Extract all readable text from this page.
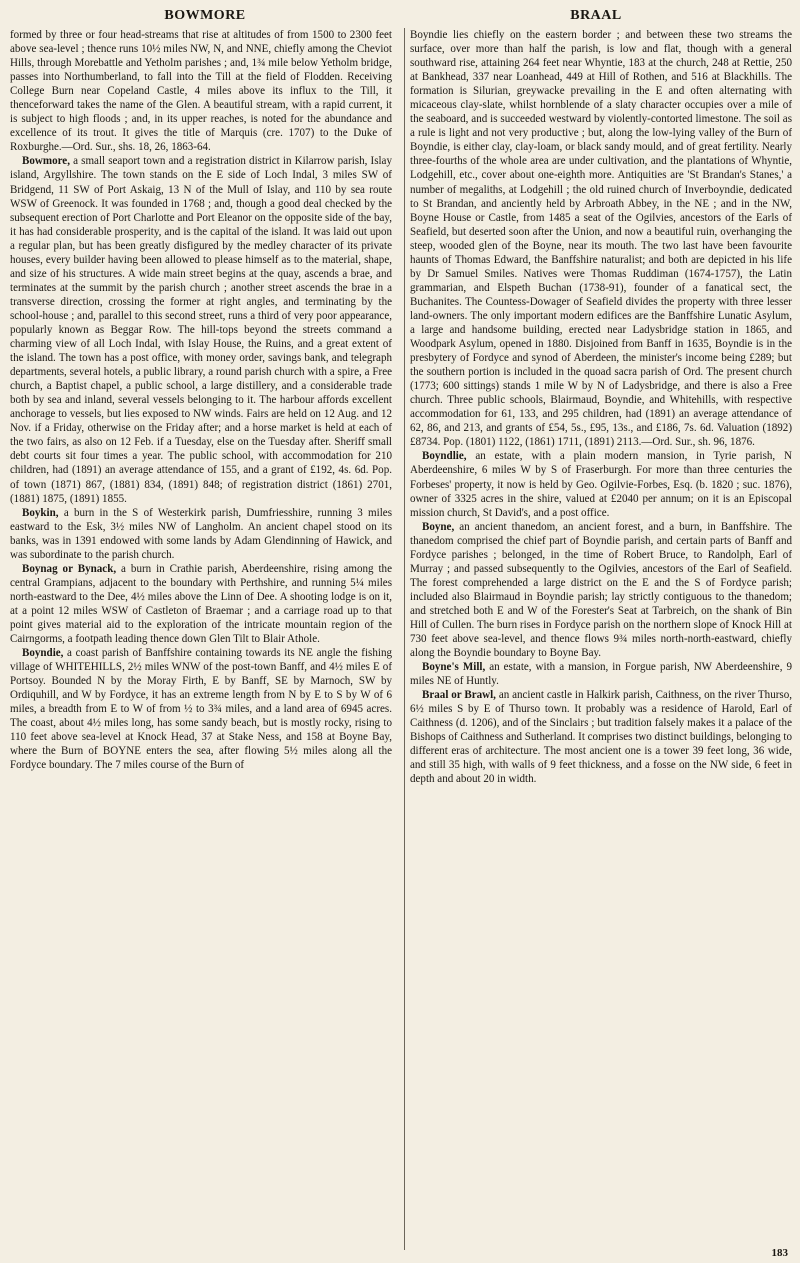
BOWMORE	BRAAL

formed by three or four head-streams that rise at altitudes of from 1500 to 2300 feet above sea-level ; thence runs 10½ miles NW, N, and NNE, chiefly among the Cheviot Hills, through Morebattle and Yetholm parishes ; and, 1¾ mile below Yetholm bridge, passes into Northumberland, to fall into the Till at the field of Flodden. Receiving College Burn near Copeland Castle, 4 miles above its influx to the Till, it thenceforward takes the name of the Glen. A beautiful stream, with a rapid current, it is subject to high floods ; and, in its upper reaches, is noted for the abundance and excellence of its trout. It gives the title of Marquis (cre. 1707) to the Duke of Roxburghe.—Ord. Sur., shs. 18, 26, 1863-64.

Bowmore, a small seaport town and a registration district in Kilarrow parish, Islay island, Argyllshire. The town stands on the E side of Loch Indal, 3 miles SW of Bridgend, 11 SW of Port Askaig, 13 N of the Mull of Islay, and 110 by sea route WSW of Greenock. It was founded in 1768 ; and, though a good deal checked by the subsequent erection of Port Charlotte and Port Eleanor on the opposite side of the bay, it has had considerable prosperity, and is the capital of the island. It was laid out upon a regular plan, but has been greatly disfigured by the medley character of its private houses, every builder having been allowed to please himself as to the material, shape, and size of his structures. A wide main street begins at the quay, ascends a brae, and terminates at the summit by the parish church ; another street ascends the brae in a transverse direction, crossing the former at right angles, and terminating by the school-house ; and, parallel to this second street, runs a third of very poor appearance, popularly known as Beggar Row. The hill-tops beyond the streets command a charming view of all Loch Indal, with Islay House, the Ruins, and a great extent of the island. The town has a post office, with money order, savings bank, and telegraph departments, several hotels, a public library, a round parish church with a spire, a Free church, a Baptist chapel, a public school, a large distillery, and a considerable trade both by sea and inland, several vessels belonging to it. The harbour affords excellent anchorage to vessels, but lies exposed to NW winds. Fairs are held on 12 Aug. and 12 Nov. if a Friday, otherwise on the Friday after; and a horse market is held at each of the two fairs, as also on 12 Feb. if a Tuesday, else on the Tuesday after. Sheriff small debt courts sit four times a year. The public school, with accommodation for 210 children, had (1891) an average attendance of 155, and a grant of £192, 4s. 6d. Pop. of town (1871) 867, (1881) 834, (1891) 848; of registration district (1861) 2701, (1881) 1875, (1891) 1855.

Boykin, a burn in the S of Westerkirk parish, Dumfriesshire, running 3 miles eastward to the Esk, 3½ miles NW of Langholm. An ancient chapel stood on its banks, was in 1391 endowed with some lands by Adam Glendinning of Hawick, and was subordinate to the parish church.

Boynag or Bynack, a burn in Crathie parish, Aberdeenshire, rising among the central Grampians, adjacent to the boundary with Perthshire, and running 5¼ miles north-eastward to the Dee, 4½ miles above the Linn of Dee. A shooting lodge is on it, at a point 12 miles WSW of Castleton of Braemar ; and a carriage road up to that point gives material aid to the exploration of the intricate mountain region of the Cairngorms, a footpath leading thence down Glen Tilt to Blair Athole.

Boyndie, a coast parish of Banffshire containing towards its NE angle the fishing village of WHITEHILLS, 2½ miles WNW of the post-town Banff, and 4½ miles E of Portsoy. Bounded N by the Moray Firth, E by Banff, SE by Marnoch, SW by Ordiquhill, and W by Fordyce, it has an extreme length from N by E to S by W of 6 miles, a breadth from E to W of from ½ to 3¾ miles, and a land area of 6945 acres. The coast, about 4½ miles long, has some sandy beach, but is mostly rocky, rising to 110 feet above sea-level at Knock Head, 37 at Stake Ness, and 158 at Boyne Bay, where the Burn of BOYNE enters the sea, after flowing 5½ miles along all the Fordyce boundary. The 7 miles course of the Burn of

Boyndie lies chiefly on the eastern border ; and between these two streams the surface, over more than half the parish, is low and flat, though with a general southward rise, attaining 264 feet near Whyntie, 183 at the church, 248 at Rettie, 250 at Bankhead, 337 near Loanhead, 449 at Hill of Rothen, and 516 at Blackhills. The formation is Silurian, greywacke prevailing in the E and often alternating with micaceous clay-slate, whilst hornblende of a slaty character occupies over a mile of the seaboard, and is succeeded westward by violently-contorted limestone. The soil as a rule is light and not very productive ; but, along the low-lying valley of the Burn of Boyndie, is either clay, clay-loam, or black sandy mould, and of great fertility. Nearly three-fourths of the whole area are under cultivation, and the plantations of Whyntie, Lodgehill, etc., cover about one-eighth more. Antiquities are 'St Brandan's Stanes,' a number of megaliths, at Lodgehill ; the old ruined church of Inverboyndie, dedicated to St Brandan, and anciently held by Arbroath Abbey, in the NE ; and in the NW, Boyne House or Castle, from 1485 a seat of the Ogilvies, ancestors of the Earls of Seafield, but deserted soon after the Union, and now a beautiful ruin, overhanging the steep, wooded glen of the Boyne, near its mouth. The two last have been favourite haunts of Thomas Edward, the Banffshire naturalist; and both are depicted in his life by Dr Samuel Smiles. Natives were Thomas Ruddiman (1674-1757), the Latin grammarian, and Elspeth Buchan (1738-91), founder of a fanatical sect, the Buchanites. The Countess-Dowager of Seafield divides the property with three lesser land-owners. The only important modern edifices are the Banffshire Lunatic Asylum, a large and handsome building, erected near Ladysbridge station in 1865, and Woodpark Asylum, opened in 1880. Disjoined from Banff in 1635, Boyndie is in the presbytery of Fordyce and synod of Aberdeen, the minister's income being £289; but the southern portion is included in the quoad sacra parish of Ord. The present church (1773; 600 sittings) stands 1 mile W by N of Ladysbridge, and there is also a Free church. Three public schools, Blairmaud, Boyndie, and Whitehills, with respective accommodation for 61, 133, and 295 children, had (1891) an average attendance of 62, 86, and 213, and grants of £54, 5s., £95, 13s., and £186, 7s. 6d. Valuation (1892) £8734. Pop. (1801) 1122, (1861) 1711, (1891) 2113.—Ord. Sur., sh. 96, 1876.

Boyndlie, an estate, with a plain modern mansion, in Tyrie parish, N Aberdeenshire, 6 miles W by S of Fraserburgh. For more than three centuries the Forbeses' property, it now is held by Geo. Ogilvie-Forbes, Esq. (b. 1820 ; suc. 1876), owner of 3325 acres in the shire, valued at £2040 per annum; on it is an Episcopal mission church, St David's, and a post office.

Boyne, an ancient thanedom, an ancient forest, and a burn, in Banffshire. The thanedom comprised the chief part of Boyndie parish, and certain parts of Banff and Fordyce parishes ; belonged, in the time of Robert Bruce, to Randolph, Earl of Murray ; and passed subsequently to the Ogilvies, ancestors of the Earl of Seafield. The forest comprehended a large district on the E and the S of Fordyce parish; included also Blairmaud in Boyndie parish; lay strictly contiguous to the thanedom; and stretched both E and W of the Forester's Seat at Tarbreich, on the shank of Bin Hill of Cullen. The burn rises in Fordyce parish on the northern slope of Knock Hill at 730 feet above sea-level, and thence flows 9¾ miles north-north-eastward, chiefly along the Boyndie boundary to Boyne Bay.

Boyne's Mill, an estate, with a mansion, in Forgue parish, NW Aberdeenshire, 9 miles NE of Huntly.

Braal or Brawl, an ancient castle in Halkirk parish, Caithness, on the river Thurso, 6½ miles S by E of Thurso town. It probably was a residence of Harold, Earl of Caithness (d. 1206), and of the Sinclairs ; but tradition falsely makes it a palace of the Bishops of Caithness and Sutherland. It comprises two distinct buildings, belonging to different eras of architecture. The most ancient one is a tower 39 feet long, 36 wide, and still 35 high, with walls of 9 feet thickness, and a fosse on the NW side, 6 feet in depth and about 20 in width.

183
